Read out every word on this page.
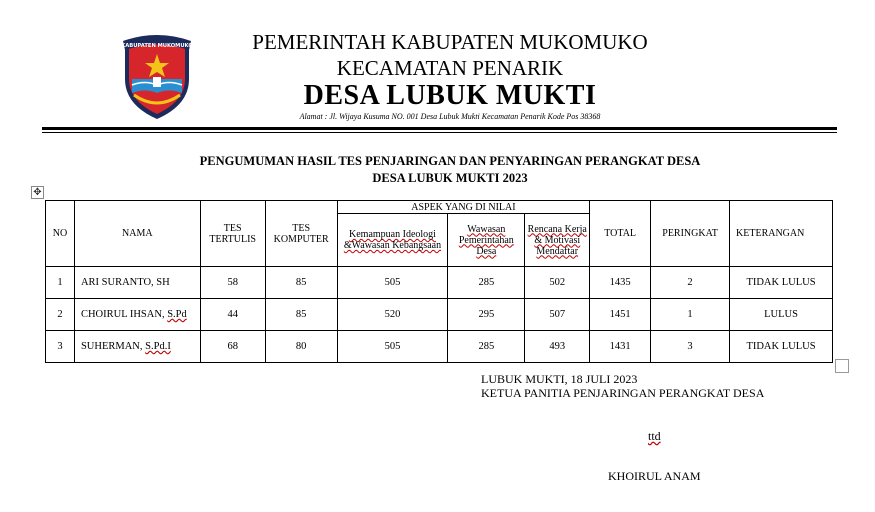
KABUPATEN MUKOMUKO	PEMERINTAH KABUPATEN MUKOMUKO
KECAMATAN PENARIK
DESA LUBUK MUKTI
Alamat : Jl. Wijaya Kusuma NO. 001 Desa Lubuk Mukti Kecamatan Penarik Kode Pos 38368
PENGUMUMAN HASIL TES PENJARINGAN DAN PENYARINGAN PERANGKAT DESA
DESA LUBUK MUKTI 2023
✥
NO	NAMA	TES TERTULIS	TES KOMPUTER	ASPEK YANG DI NILAI			TOTAL	PERINGKAT	KETERANGAN
				Kemampuan Ideologi &Wawasan Kebangsaan	Wawasan Pemerintahan Desa	Rencana Kerja & Motivasi Mendaftar			
1	ARI SURANTO, SH	58	85	505	285	502	1435	2	TIDAK LULUS
2	CHOIRUL IHSAN, S.Pd	44	85	520	295	507	1451	1	LULUS
3	SUHERMAN, S.Pd.I	68	80	505	285	493	1431	3	TIDAK LULUS
LUBUK MUKTI, 18 JULI 2023
KETUA PANITIA PENJARINGAN PERANGKAT DESA
ttd
KHOIRUL ANAM
